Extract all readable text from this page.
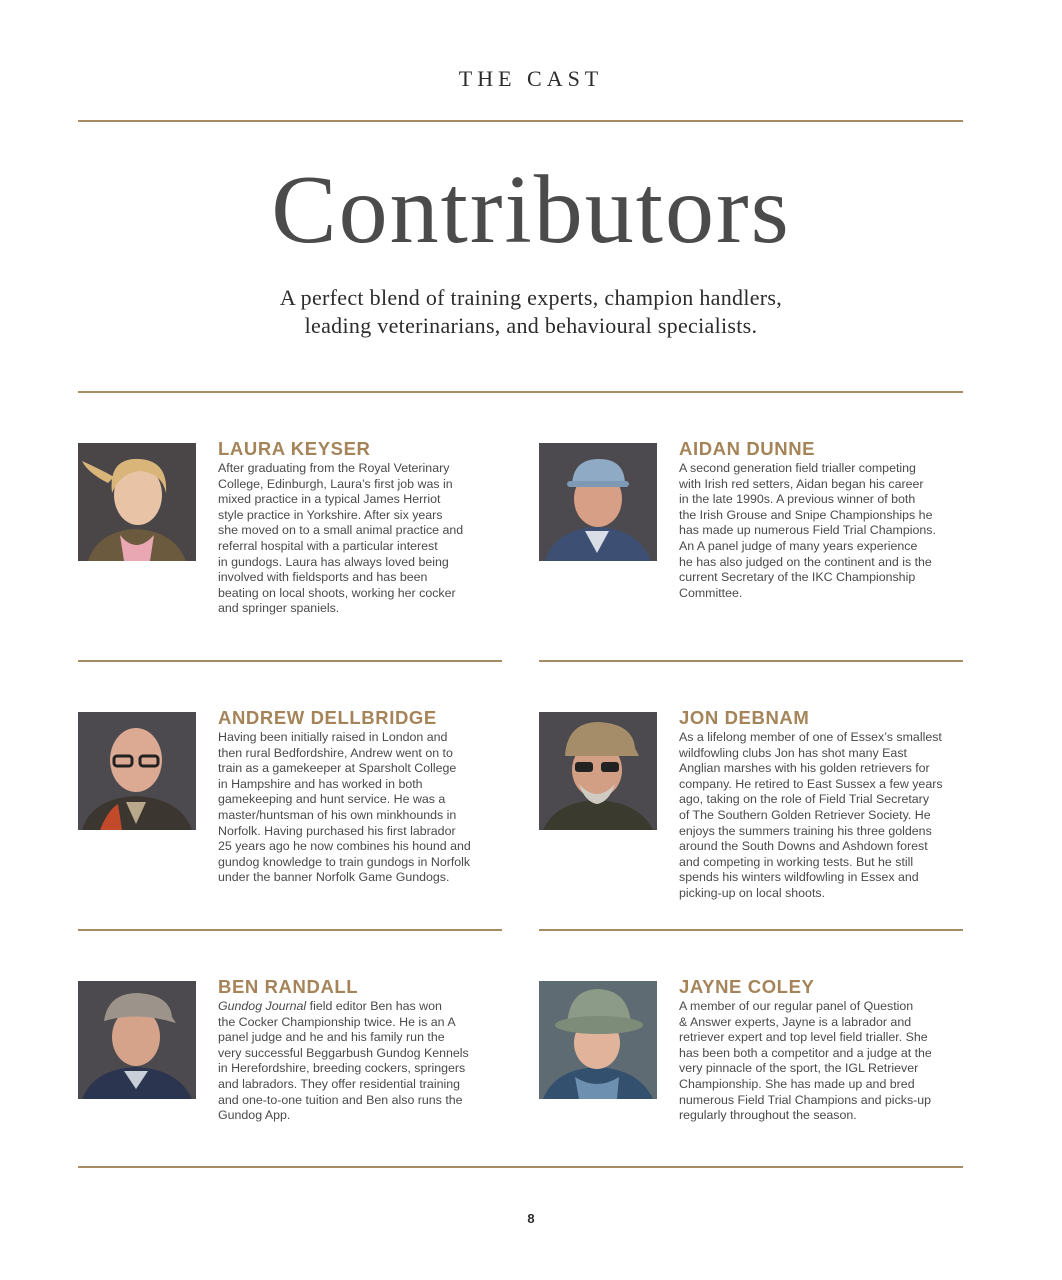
THE CAST
Contributors
A perfect blend of training experts, champion handlers,
leading veterinarians, and behavioural specialists.
LAURA KEYSER

After graduating from the Royal Veterinary
College, Edinburgh, Laura’s first job was in
mixed practice in a typical James Herriot
style practice in Yorkshire. After six years
she moved on to a small animal practice and
referral hospital with a particular interest
in gundogs. Laura has always loved being
involved with fieldsports and has been
beating on local shoots, working her cocker
and springer spaniels.

AIDAN DUNNE

A second generation field trialler competing
with Irish red setters, Aidan began his career
in the late 1990s. A previous winner of both
the Irish Grouse and Snipe Championships he
has made up numerous Field Trial Champions.
An A panel judge of many years experience
he has also judged on the continent and is the
current Secretary of the IKC Championship
Committee.

ANDREW DELLBRIDGE

Having been initially raised in London and
then rural Bedfordshire, Andrew went on to
train as a gamekeeper at Sparsholt College
in Hampshire and has worked in both
gamekeeping and hunt service. He was a
master/huntsman of his own minkhounds in
Norfolk. Having purchased his first labrador
25 years ago he now combines his hound and
gundog knowledge to train gundogs in Norfolk
under the banner Norfolk Game Gundogs.

JON DEBNAM

As a lifelong member of one of Essex’s smallest
wildfowling clubs Jon has shot many East
Anglian marshes with his golden retrievers for
company. He retired to East Sussex a few years
ago, taking on the role of Field Trial Secretary
of The Southern Golden Retriever Society. He
enjoys the summers training his three goldens
around the South Downs and Ashdown forest
and competing in working tests. But he still
spends his winters wildfowling in Essex and
picking-up on local shoots.

BEN RANDALL

Gundog Journal field editor Ben has won
the Cocker Championship twice. He is an A
panel judge and he and his family run the
very successful Beggarbush Gundog Kennels
in Herefordshire, breeding cockers, springers
and labradors. They offer residential training
and one-to-one tuition and Ben also runs the
Gundog App.

JAYNE COLEY

A member of our regular panel of Question
& Answer experts, Jayne is a labrador and
retriever expert and top level field trialler. She
has been both a competitor and a judge at the
very pinnacle of the sport, the IGL Retriever
Championship. She has made up and bred
numerous Field Trial Champions and picks-up
regularly throughout the season.

8
